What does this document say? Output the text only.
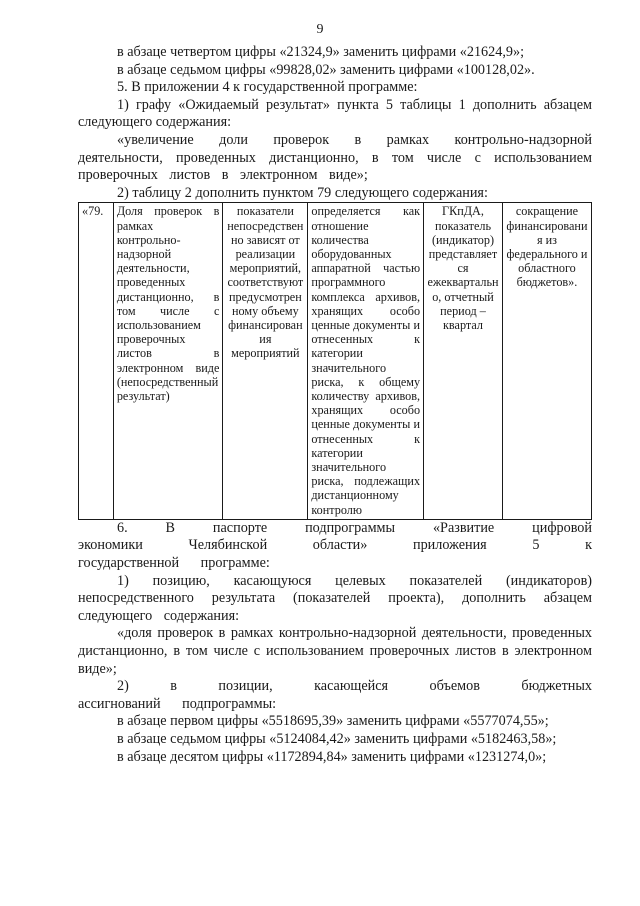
9

в абзаце четвертом цифры «21324,9» заменить цифрами «21624,9»;

в абзаце седьмом цифры «99828,02» заменить цифрами «100128,02».

5. В приложении 4 к государственной программе:

1) графу «Ожидаемый результат» пункта 5 таблицы 1 дополнить абзацем следующего содержания:

«увеличение доли проверок в рамках контрольно-надзорной деятельности, проведенных дистанционно, в том числе с использованием проверочных листов в электронном виде»;

2) таблицу 2 дополнить пунктом 79 следующего содержания:

«79.	Доля проверок в рамках контрольно-надзорной деятельности, проведенных дистанционно, в том числе с использованием проверочных листов в электронном виде (непосредственный результат)	показатели непосредственно зависят от реализации мероприятий, соответствуют предусмотренному объему финансирования мероприятий	определяется как отношение количества оборудованных аппаратной частью программного комплекса архивов, хранящих особо ценные документы и отнесенных к категории значительного риска, к общему количеству архивов, хранящих особо ценные документы и отнесенных к категории значительного риска, подлежащих дистанционному контролю	ГКпДА, показатель (индикатор) представляется ежеквартально, отчетный период – квартал	сокращение финансирования из федерального и областного бюджетов».

6. В паспорте подпрограммы «Развитие цифровой экономики Челябинской области» приложения 5 к государственной программе:

1) позицию, касающуюся целевых показателей (индикаторов) непосредственного результата (показателей проекта), дополнить абзацем следующего содержания:

«доля проверок в рамках контрольно-надзорной деятельности, проведенных дистанционно, в том числе с использованием проверочных листов в электронном виде»;

2) в позиции, касающейся объемов бюджетных ассигнований подпрограммы:

в абзаце первом цифры «5518695,39» заменить цифрами «5577074,55»;

в абзаце седьмом цифры «5124084,42» заменить цифрами «5182463,58»;

в абзаце десятом цифры «1172894,84» заменить цифрами «1231274,0»;
